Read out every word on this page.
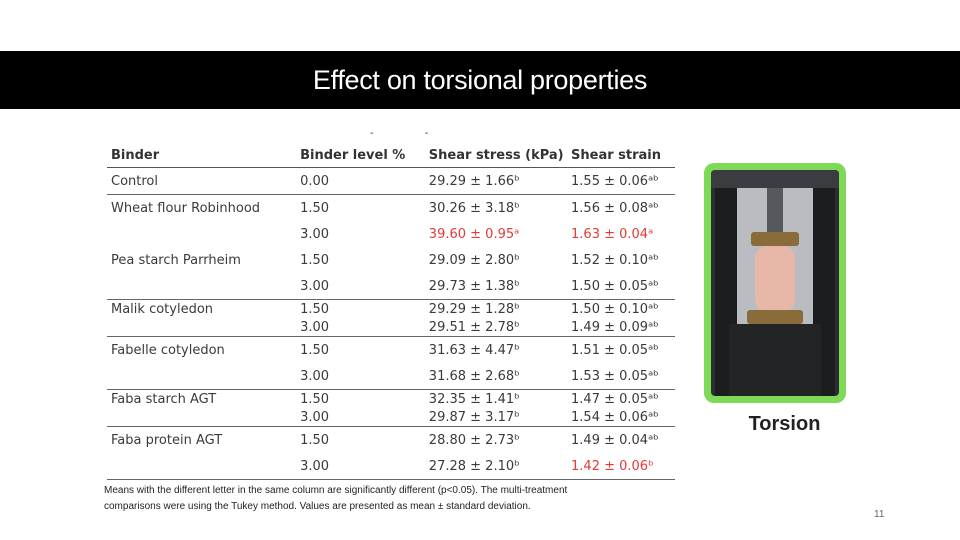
Effect on torsional properties
-	-
Binder	Binder level %	Shear stress (kPa)	Shear strain
Control	0.00	29.29 ± 1.66ᵇ	1.55 ± 0.06ᵃᵇ
Wheat flour Robinhood	1.50	30.26 ± 3.18ᵇ	1.56 ± 0.08ᵃᵇ
	3.00	39.60 ± 0.95ᵃ	1.63 ± 0.04ᵃ
Pea starch Parrheim	1.50	29.09 ± 2.80ᵇ	1.52 ± 0.10ᵃᵇ
	3.00	29.73 ± 1.38ᵇ	1.50 ± 0.05ᵃᵇ
Malik cotyledon	1.50	29.29 ± 1.28ᵇ	1.50 ± 0.10ᵃᵇ
	3.00	29.51 ± 2.78ᵇ	1.49 ± 0.09ᵃᵇ
Fabelle cotyledon	1.50	31.63 ± 4.47ᵇ	1.51 ± 0.05ᵃᵇ
	3.00	31.68 ± 2.68ᵇ	1.53 ± 0.05ᵃᵇ
Faba starch AGT	1.50	32.35 ± 1.41ᵇ	1.47 ± 0.05ᵃᵇ
	3.00	29.87 ± 3.17ᵇ	1.54 ± 0.06ᵃᵇ
Faba protein AGT	1.50	28.80 ± 2.73ᵇ	1.49 ± 0.04ᵃᵇ
	3.00	27.28 ± 2.10ᵇ	1.42 ± 0.06ᵇ
Means with the different letter in the same column are significantly different (p<0.05). The multi-treatment
comparisons were using the Tukey method. Values are presented as mean ± standard deviation.
Torsion
11
